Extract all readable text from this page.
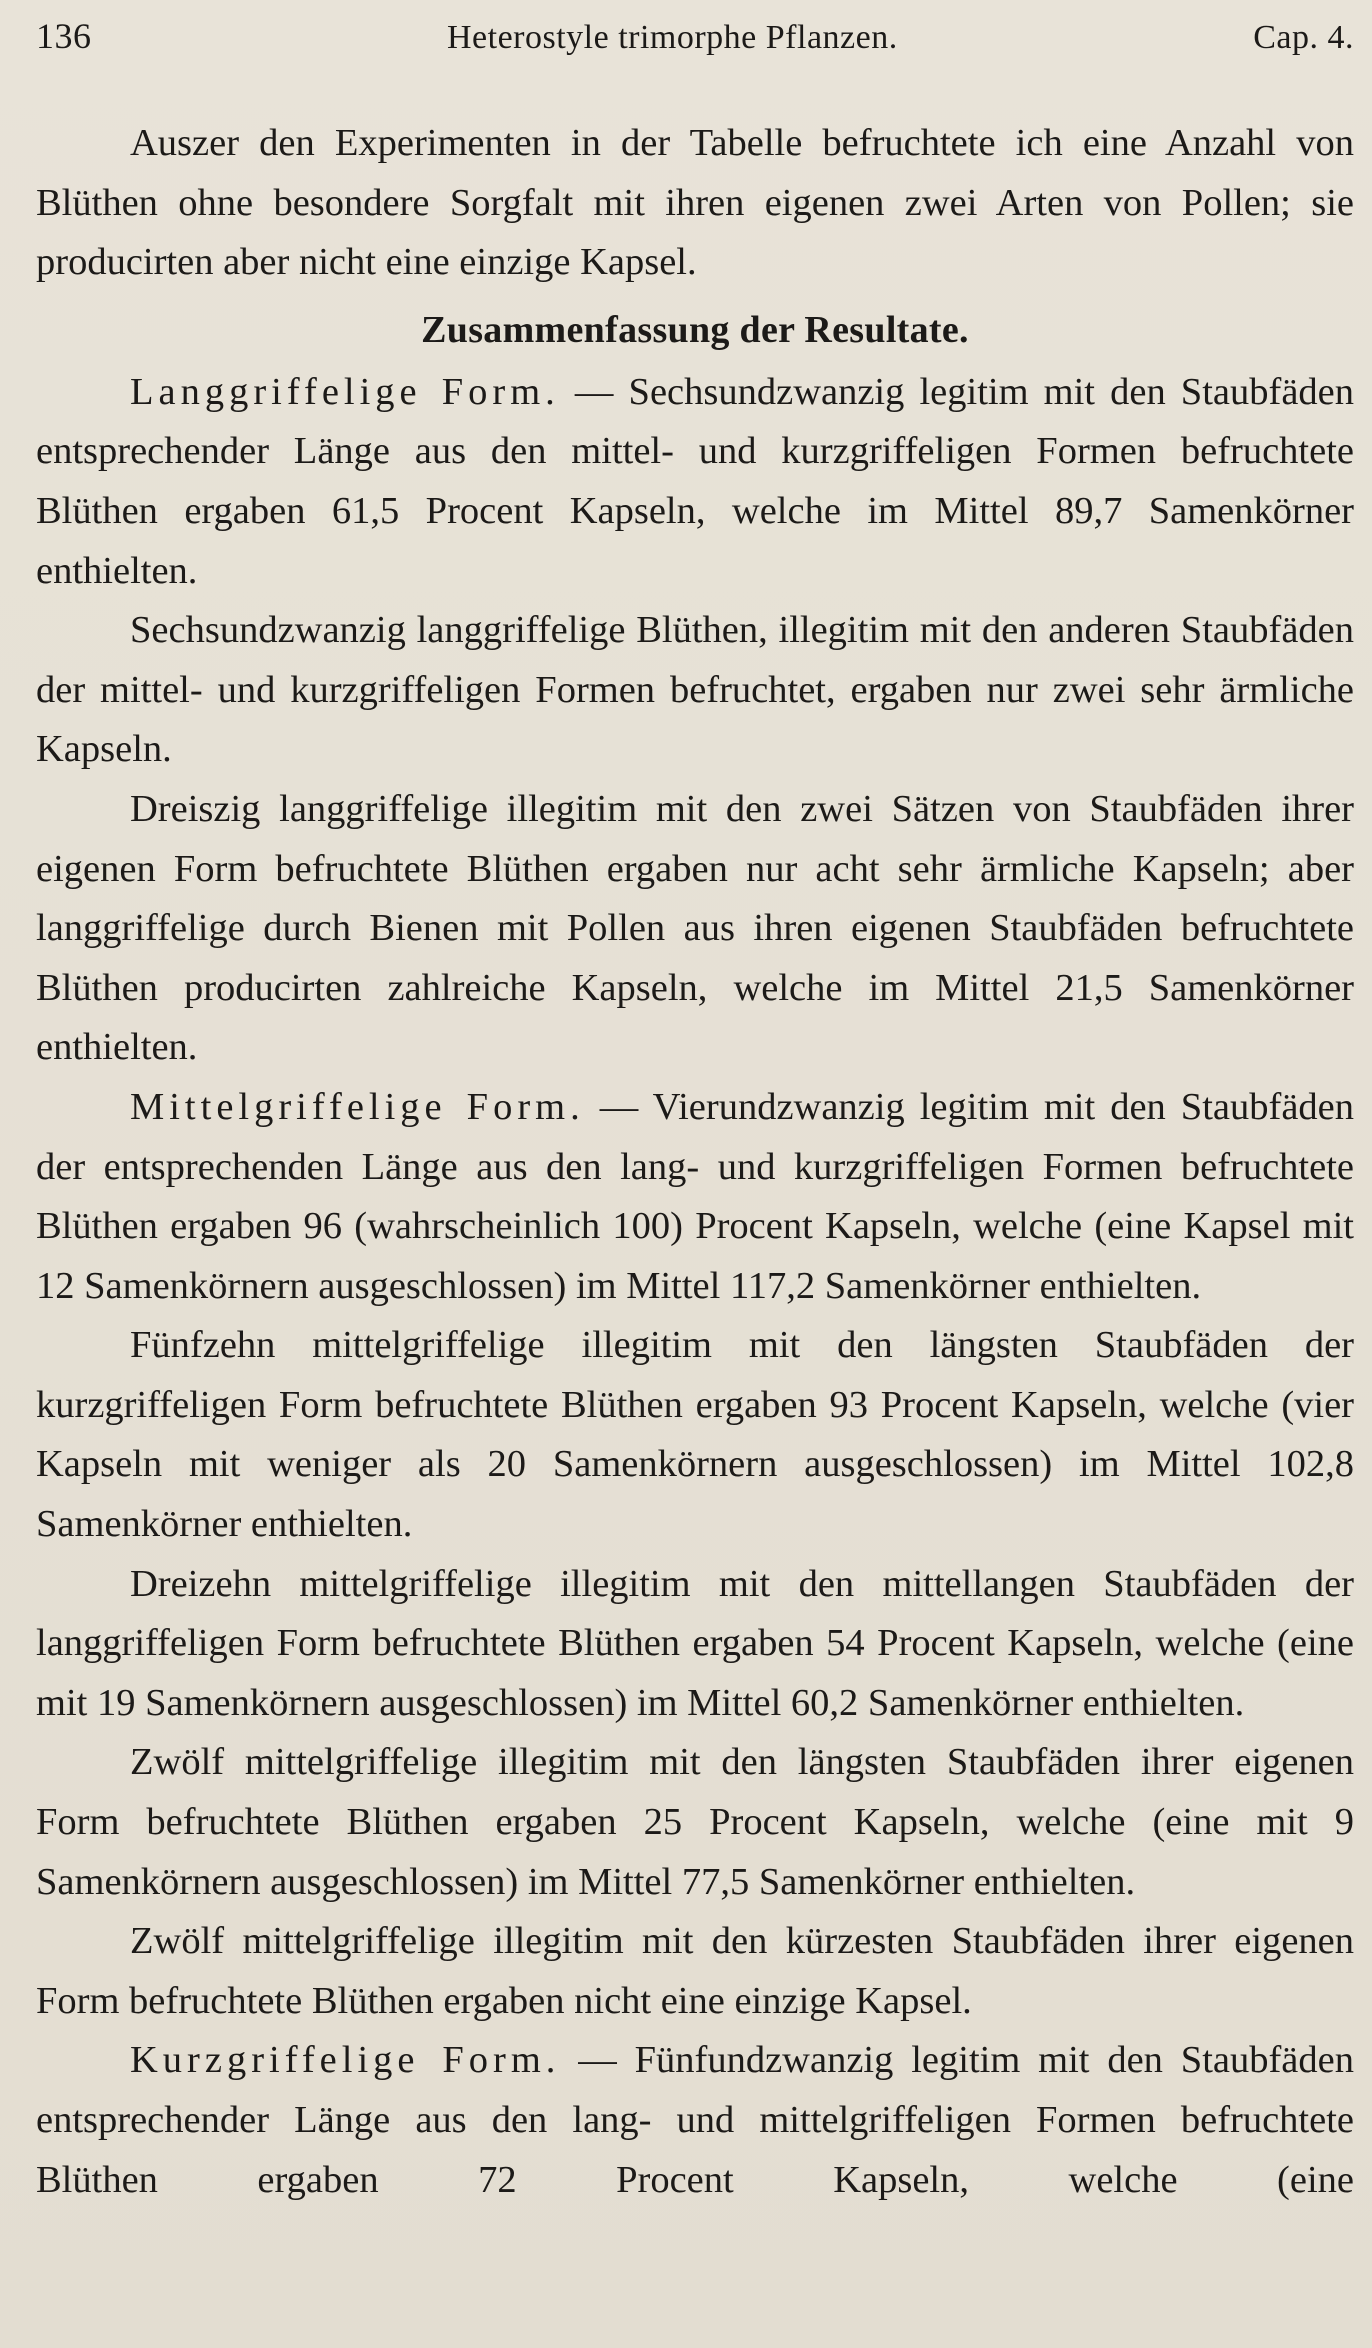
136	Heterostyle trimorphe Pflanzen.	Cap. 4.

Auszer den Experimenten in der Tabelle befruchtete ich eine Anzahl von Blüthen ohne besondere Sorgfalt mit ihren eigenen zwei Arten von Pollen; sie producirten aber nicht eine einzige Kapsel.

Zusammenfassung der Resultate.

Langgriffelige Form. — Sechsundzwanzig legitim mit den Staubfäden entsprechender Länge aus den mittel- und kurzgriffeligen Formen befruchtete Blüthen ergaben 61,5 Procent Kapseln, welche im Mittel 89,7 Samenkörner enthielten.

Sechsundzwanzig langgriffelige Blüthen, illegitim mit den anderen Staubfäden der mittel- und kurzgriffeligen Formen befruchtet, ergaben nur zwei sehr ärmliche Kapseln.

Dreiszig langgriffelige illegitim mit den zwei Sätzen von Staubfäden ihrer eigenen Form befruchtete Blüthen ergaben nur acht sehr ärmliche Kapseln; aber langgriffelige durch Bienen mit Pollen aus ihren eigenen Staubfäden befruchtete Blüthen producirten zahlreiche Kapseln, welche im Mittel 21,5 Samenkörner enthielten.

Mittelgriffelige Form. — Vierundzwanzig legitim mit den Staubfäden der entsprechenden Länge aus den lang- und kurzgriffeligen Formen befruchtete Blüthen ergaben 96 (wahrscheinlich 100) Procent Kapseln, welche (eine Kapsel mit 12 Samenkörnern ausgeschlossen) im Mittel 117,2 Samenkörner enthielten.

Fünfzehn mittelgriffelige illegitim mit den längsten Staubfäden der kurzgriffeligen Form befruchtete Blüthen ergaben 93 Procent Kapseln, welche (vier Kapseln mit weniger als 20 Samenkörnern ausgeschlossen) im Mittel 102,8 Samenkörner enthielten.

Dreizehn mittelgriffelige illegitim mit den mittellangen Staubfäden der langgriffeligen Form befruchtete Blüthen ergaben 54 Procent Kapseln, welche (eine mit 19 Samenkörnern ausgeschlossen) im Mittel 60,2 Samenkörner enthielten.

Zwölf mittelgriffelige illegitim mit den längsten Staubfäden ihrer eigenen Form befruchtete Blüthen ergaben 25 Procent Kapseln, welche (eine mit 9 Samenkörnern ausgeschlossen) im Mittel 77,5 Samenkörner enthielten.

Zwölf mittelgriffelige illegitim mit den kürzesten Staubfäden ihrer eigenen Form befruchtete Blüthen ergaben nicht eine einzige Kapsel.

Kurzgriffelige Form. — Fünfundzwanzig legitim mit den Staubfäden entsprechender Länge aus den lang- und mittelgriffeligen Formen befruchtete Blüthen ergaben 72 Procent Kapseln, welche (eine
